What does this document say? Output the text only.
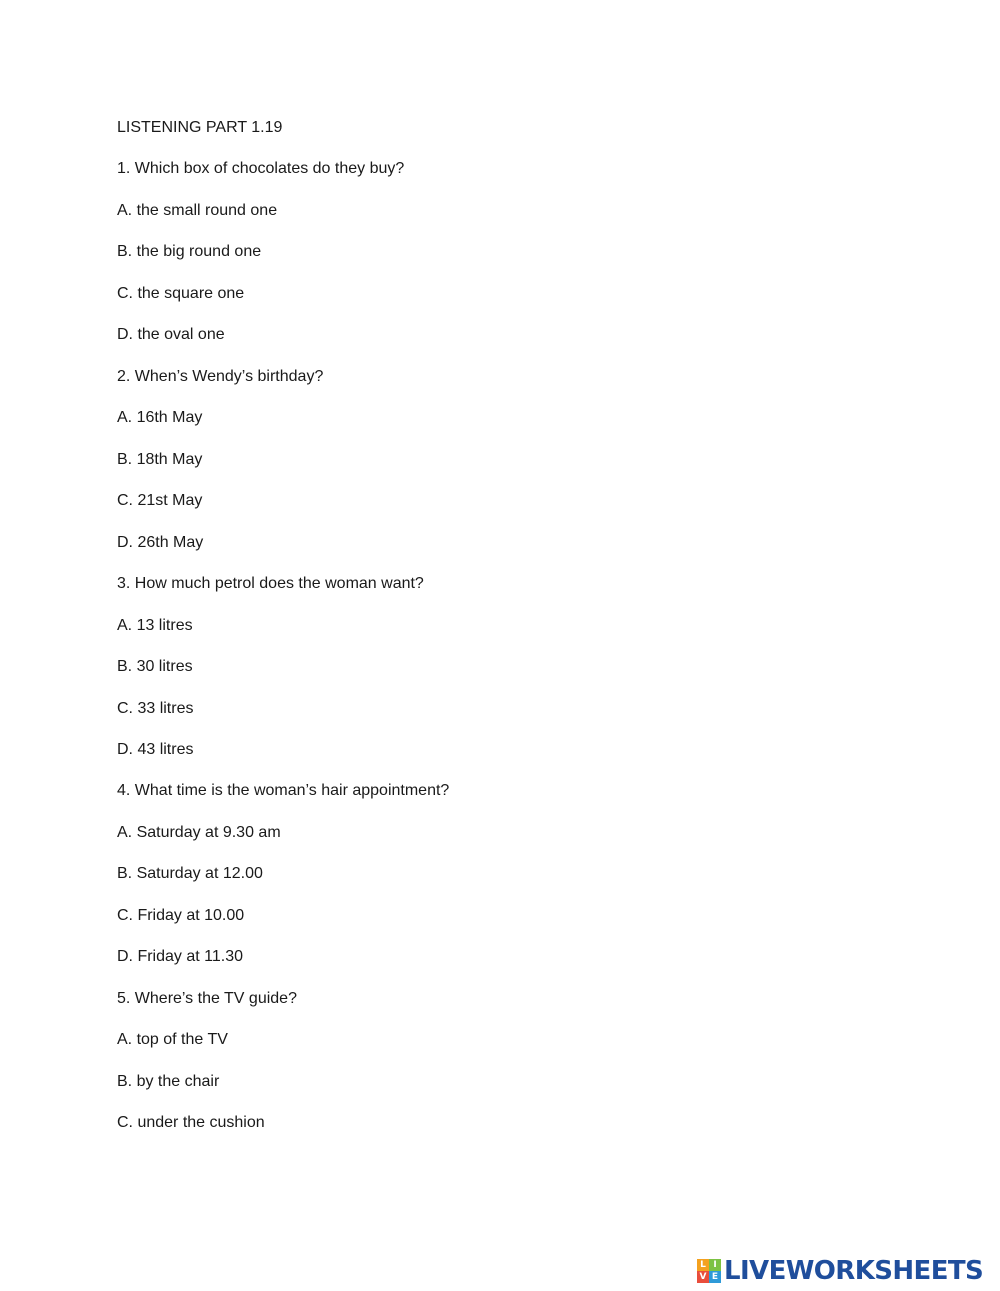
LISTENING PART 1.19
1. Which box of chocolates do they buy?
A. the small round one
B. the big round one
C. the square one
D. the oval one
2. When’s Wendy’s birthday?
A. 16th May
B. 18th May
C. 21st May
D. 26th May
3. How much petrol does the woman want?
A. 13 litres
B. 30 litres
C. 33 litres
D. 43 litres
4. What time is the woman’s hair appointment?
A. Saturday at 9.30 am
B. Saturday at 12.00
C. Friday at 10.00
D. Friday at 11.30
5. Where’s the TV guide?
A. top of the TV
B. by the chair
C. under the cushion
L I
V E LIVEWORKSHEETS
